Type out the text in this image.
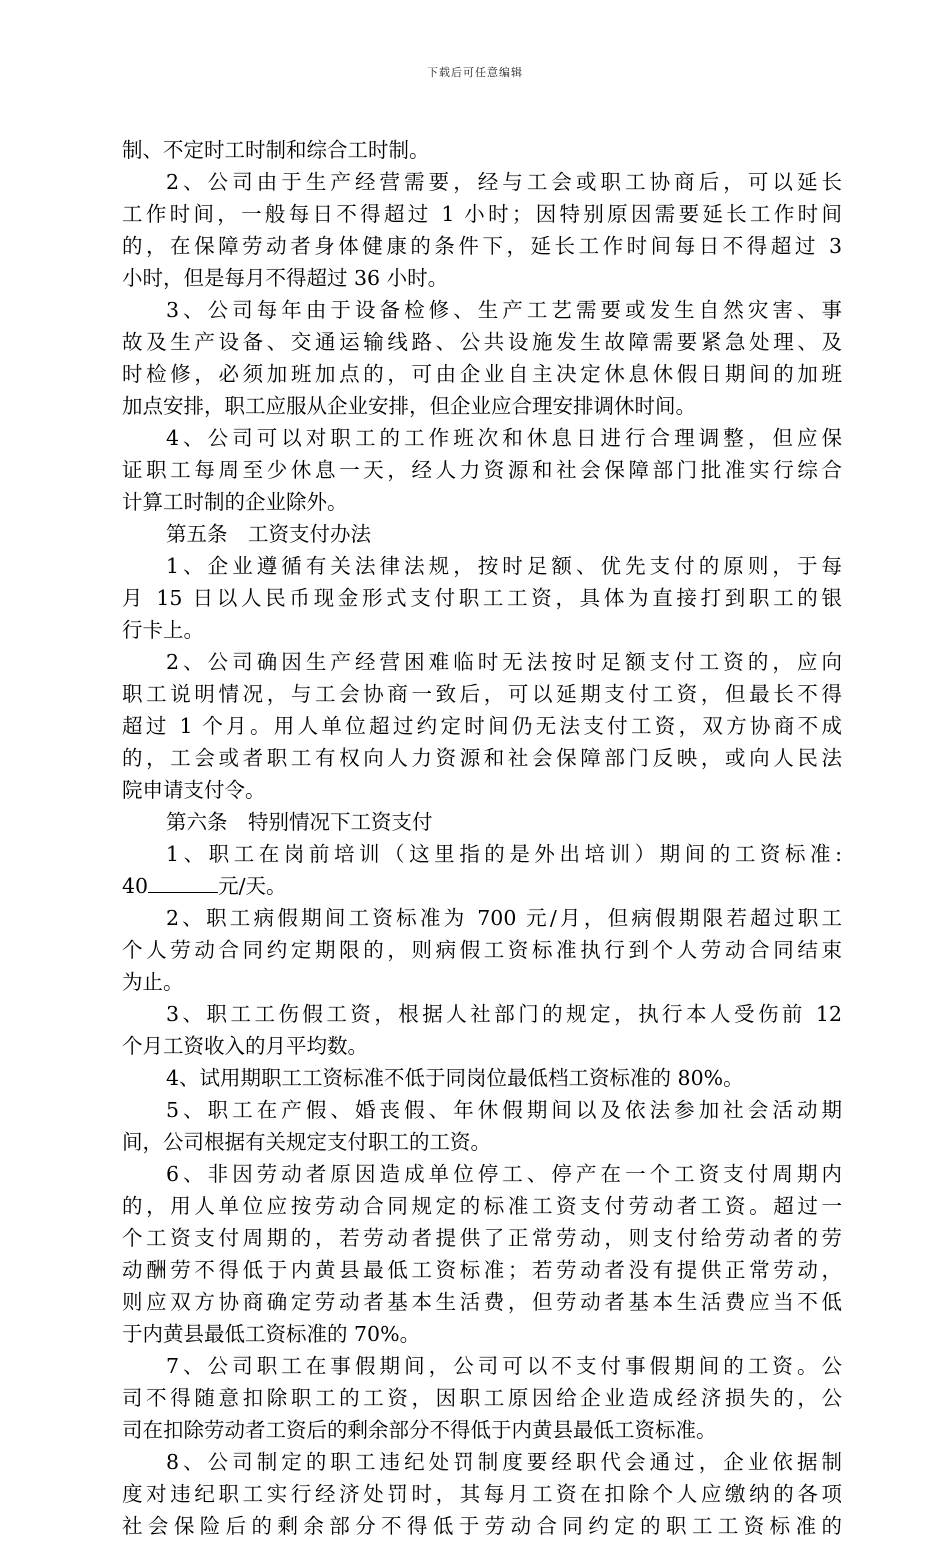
下载后可任意编辑
制、不定时工时制和综合工时制。
2、公司由于生产经营需要，经与工会或职工协商后，可以延长
工作时间，一般每日不得超过 1 小时；因特别原因需要延长工作时间
的，在保障劳动者身体健康的条件下，延长工作时间每日不得超过 3
小时，但是每月不得超过 36 小时。
3、公司每年由于设备检修、生产工艺需要或发生自然灾害、事
故及生产设备、交通运输线路、公共设施发生故障需要紧急处理、及
时检修，必须加班加点的，可由企业自主决定休息休假日期间的加班
加点安排，职工应服从企业安排，但企业应合理安排调休时间。
4、公司可以对职工的工作班次和休息日进行合理调整，但应保
证职工每周至少休息一天，经人力资源和社会保障部门批准实行综合
计算工时制的企业除外。
第五条　工资支付办法
1、企业遵循有关法律法规，按时足额、优先支付的原则，于每
月 15 日以人民币现金形式支付职工工资，具体为直接打到职工的银
行卡上。
2、公司确因生产经营困难临时无法按时足额支付工资的，应向
职工说明情况，与工会协商一致后，可以延期支付工资，但最长不得
超过 1 个月。用人单位超过约定时间仍无法支付工资，双方协商不成
的，工会或者职工有权向人力资源和社会保障部门反映，或向人民法
院申请支付令。
第六条　特别情况下工资支付
1、职工在岗前培训（这里指的是外出培训）期间的工资标准:
40	元/天。
2、职工病假期间工资标准为 700 元/月，但病假期限若超过职工
个人劳动合同约定期限的，则病假工资标准执行到个人劳动合同结束
为止。
3、职工工伤假工资，根据人社部门的规定，执行本人受伤前 12
个月工资收入的月平均数。
4、试用期职工工资标准不低于同岗位最低档工资标准的 80%。
5、职工在产假、婚丧假、年休假期间以及依法参加社会活动期
间，公司根据有关规定支付职工的工资。
6、非因劳动者原因造成单位停工、停产在一个工资支付周期内
的，用人单位应按劳动合同规定的标准工资支付劳动者工资。超过一
个工资支付周期的，若劳动者提供了正常劳动，则支付给劳动者的劳
动酬劳不得低于内黄县最低工资标准；若劳动者没有提供正常劳动，
则应双方协商确定劳动者基本生活费，但劳动者基本生活费应当不低
于内黄县最低工资标准的 70%。
7、公司职工在事假期间，公司可以不支付事假期间的工资。公
司不得随意扣除职工的工资，因职工原因给企业造成经济损失的，公
司在扣除劳动者工资后的剩余部分不得低于内黄县最低工资标准。
8、公司制定的职工违纪处罚制度要经职代会通过，企业依据制
度对违纪职工实行经济处罚时，其每月工资在扣除个人应缴纳的各项
社会保险后的剩余部分不得低于劳动合同约定的职工工资标准的
